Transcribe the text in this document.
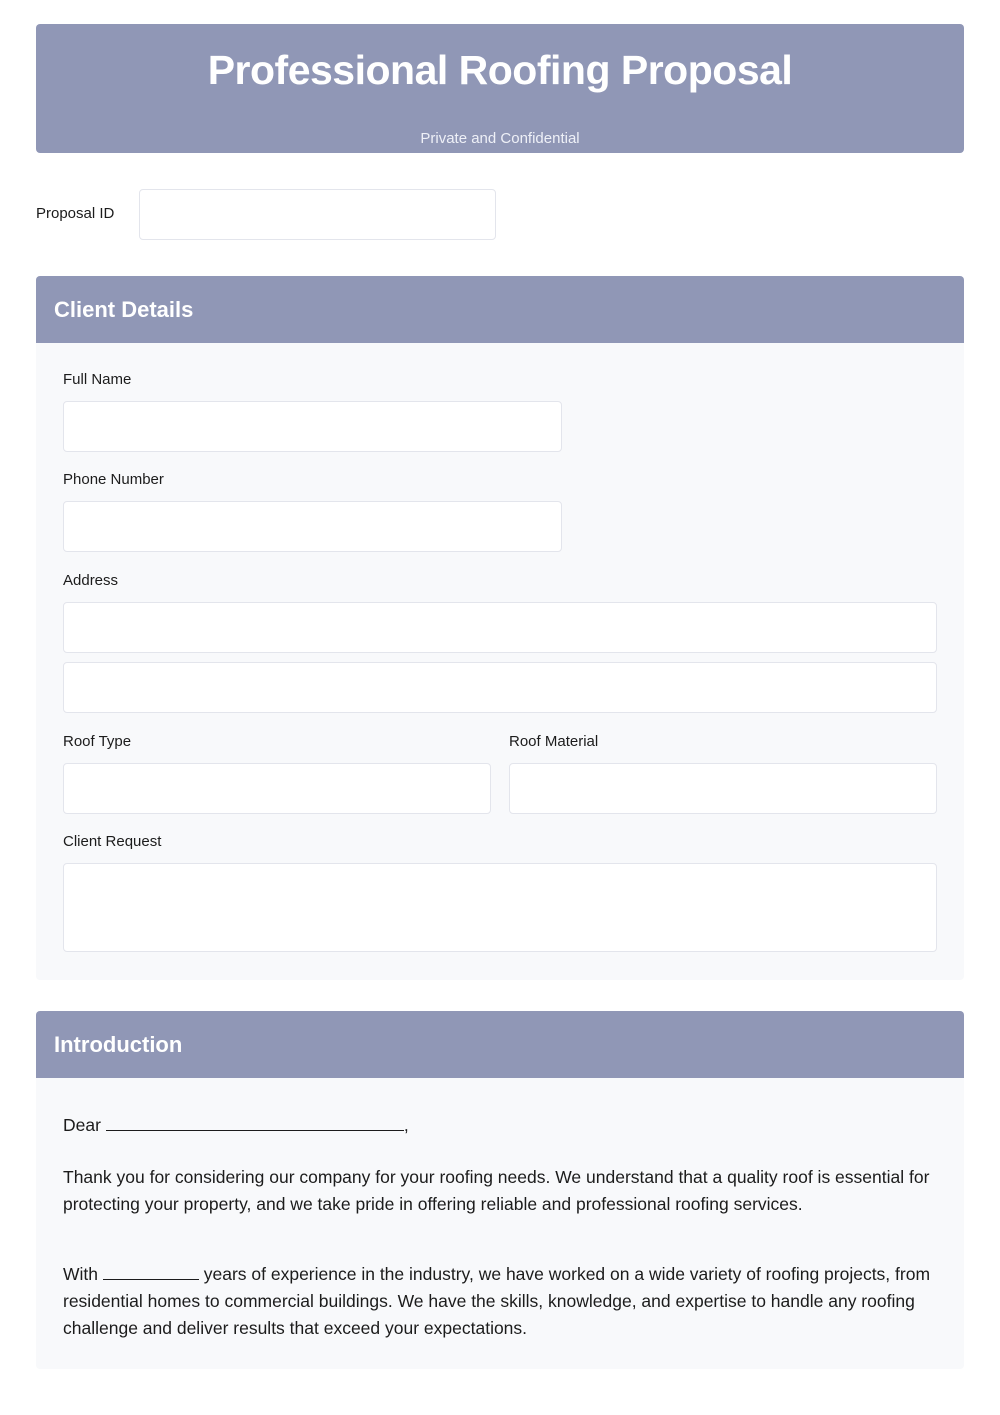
Professional Roofing Proposal
Private and Confidential
Proposal ID
Client Details
Full Name
Phone Number
Address
Roof Type	Roof Material
Client Request
Introduction
Dear	,
Thank you for considering our company for your roofing needs. We understand that a quality roof is essential for protecting your property, and we take pride in offering reliable and professional roofing services.
With	years of experience in the industry, we have worked on a wide variety of roofing projects, from residential homes to commercial buildings. We have the skills, knowledge, and expertise to handle any roofing challenge and deliver results that exceed your expectations.
